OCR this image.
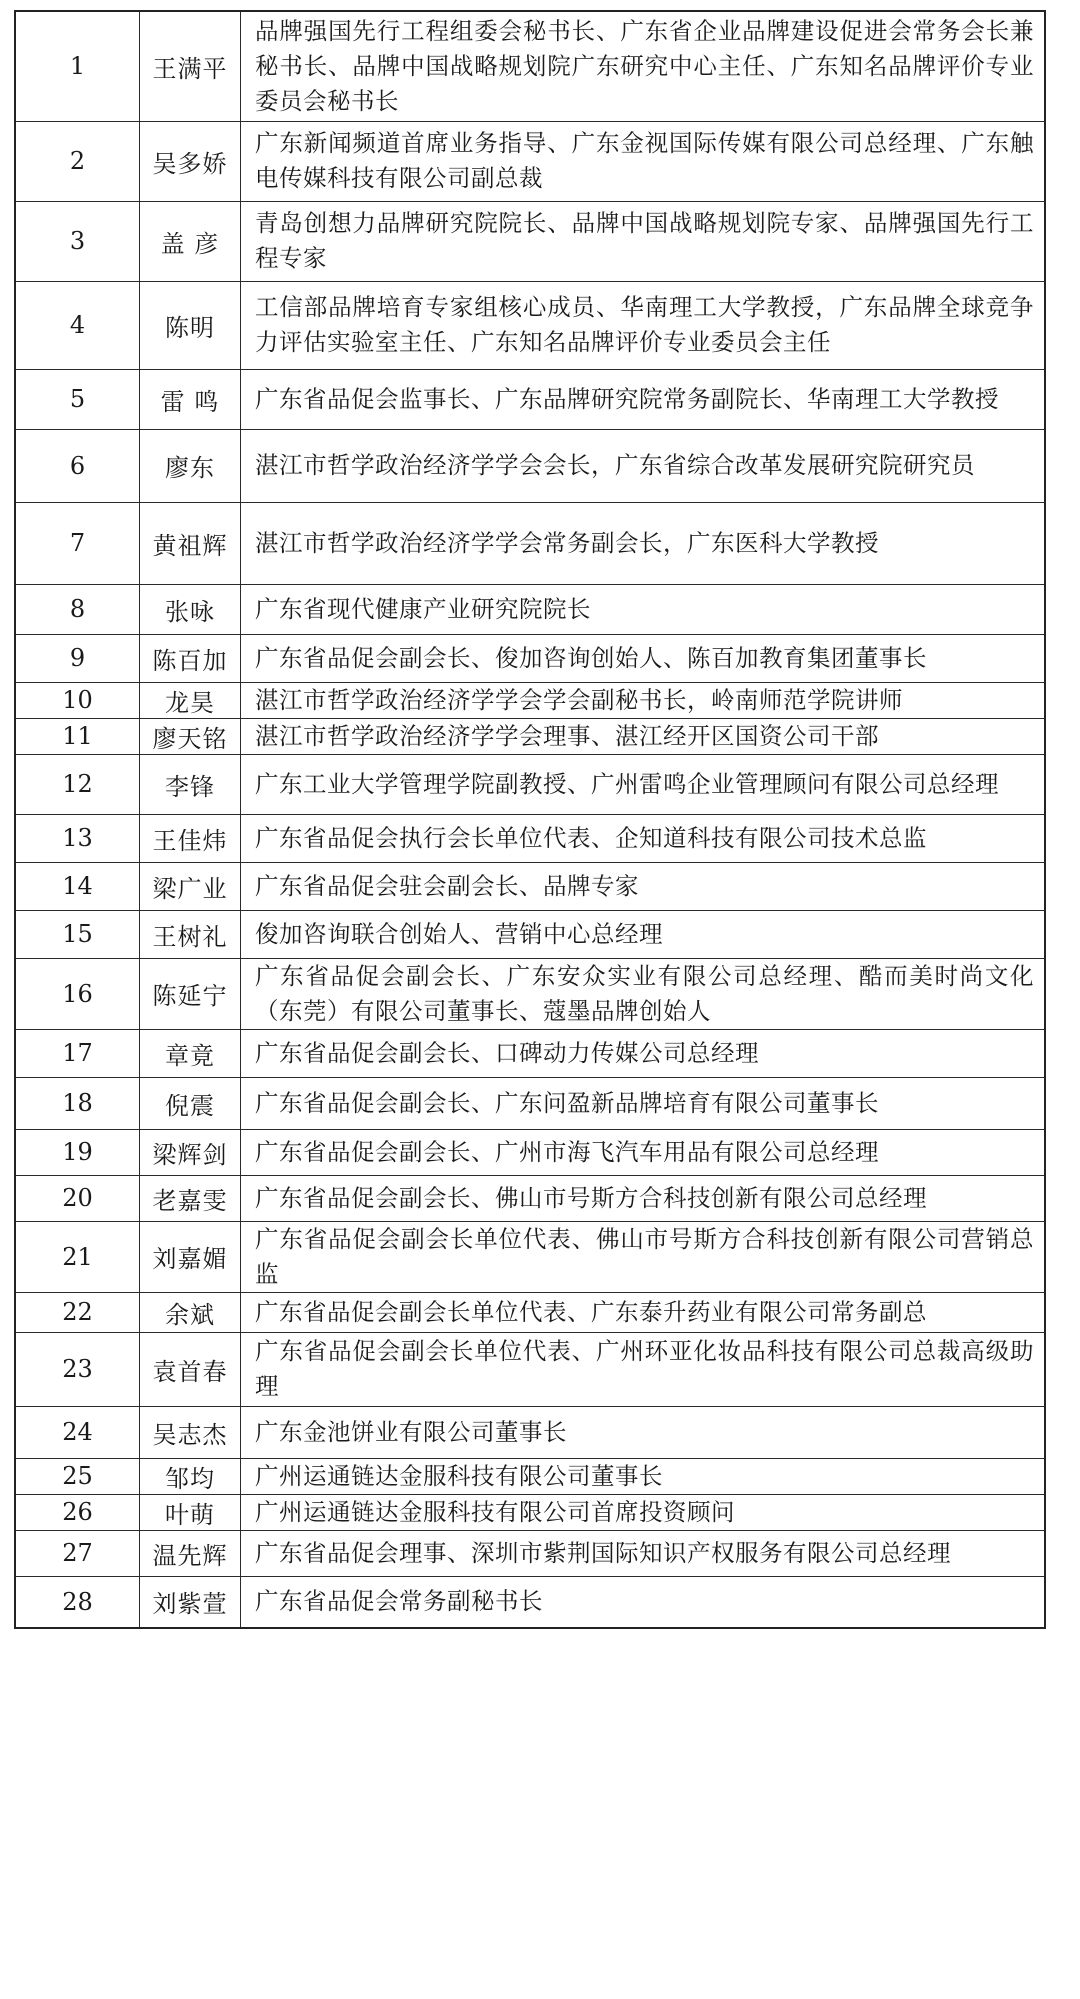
1	王满平	品牌强国先行工程组委会秘书长、广东省企业品牌建设促进会常务会长兼秘书长、品牌中国战略规划院广东研究中心主任、广东知名品牌评价专业委员会秘书长
2	吴多娇	广东新闻频道首席业务指导、广东金视国际传媒有限公司总经理、广东触电传媒科技有限公司副总裁
3	盖 彦	青岛创想力品牌研究院院长、品牌中国战略规划院专家、品牌强国先行工程专家
4	陈明	工信部品牌培育专家组核心成员、华南理工大学教授，广东品牌全球竞争力评估实验室主任、广东知名品牌评价专业委员会主任
5	雷 鸣	广东省品促会监事长、广东品牌研究院常务副院长、华南理工大学教授
6	廖东	湛江市哲学政治经济学学会会长，广东省综合改革发展研究院研究员
7	黄祖辉	湛江市哲学政治经济学学会常务副会长，广东医科大学教授
8	张咏	广东省现代健康产业研究院院长
9	陈百加	广东省品促会副会长、俊加咨询创始人、陈百加教育集团董事长
10	龙昊	湛江市哲学政治经济学学会学会副秘书长，岭南师范学院讲师
11	廖天铭	湛江市哲学政治经济学学会理事、湛江经开区国资公司干部
12	李锋	广东工业大学管理学院副教授、广州雷鸣企业管理顾问有限公司总经理
13	王佳炜	广东省品促会执行会长单位代表、企知道科技有限公司技术总监
14	梁广业	广东省品促会驻会副会长、品牌专家
15	王树礼	俊加咨询联合创始人、营销中心总经理
16	陈延宁	广东省品促会副会长、广东安众实业有限公司总经理、酷而美时尚文化（东莞）有限公司董事长、蔻墨品牌创始人
17	章竟	广东省品促会副会长、口碑动力传媒公司总经理
18	倪震	广东省品促会副会长、广东问盈新品牌培育有限公司董事长
19	梁辉剑	广东省品促会副会长、广州市海飞汽车用品有限公司总经理
20	老嘉雯	广东省品促会副会长、佛山市号斯方合科技创新有限公司总经理
21	刘嘉媚	广东省品促会副会长单位代表、佛山市号斯方合科技创新有限公司营销总监
22	余斌	广东省品促会副会长单位代表、广东泰升药业有限公司常务副总
23	袁首春	广东省品促会副会长单位代表、广州环亚化妆品科技有限公司总裁高级助理
24	吴志杰	广东金池饼业有限公司董事长
25	邹均	广州运通链达金服科技有限公司董事长
26	叶萌	广州运通链达金服科技有限公司首席投资顾问
27	温先辉	广东省品促会理事、深圳市紫荆国际知识产权服务有限公司总经理
28	刘紫萱	广东省品促会常务副秘书长
